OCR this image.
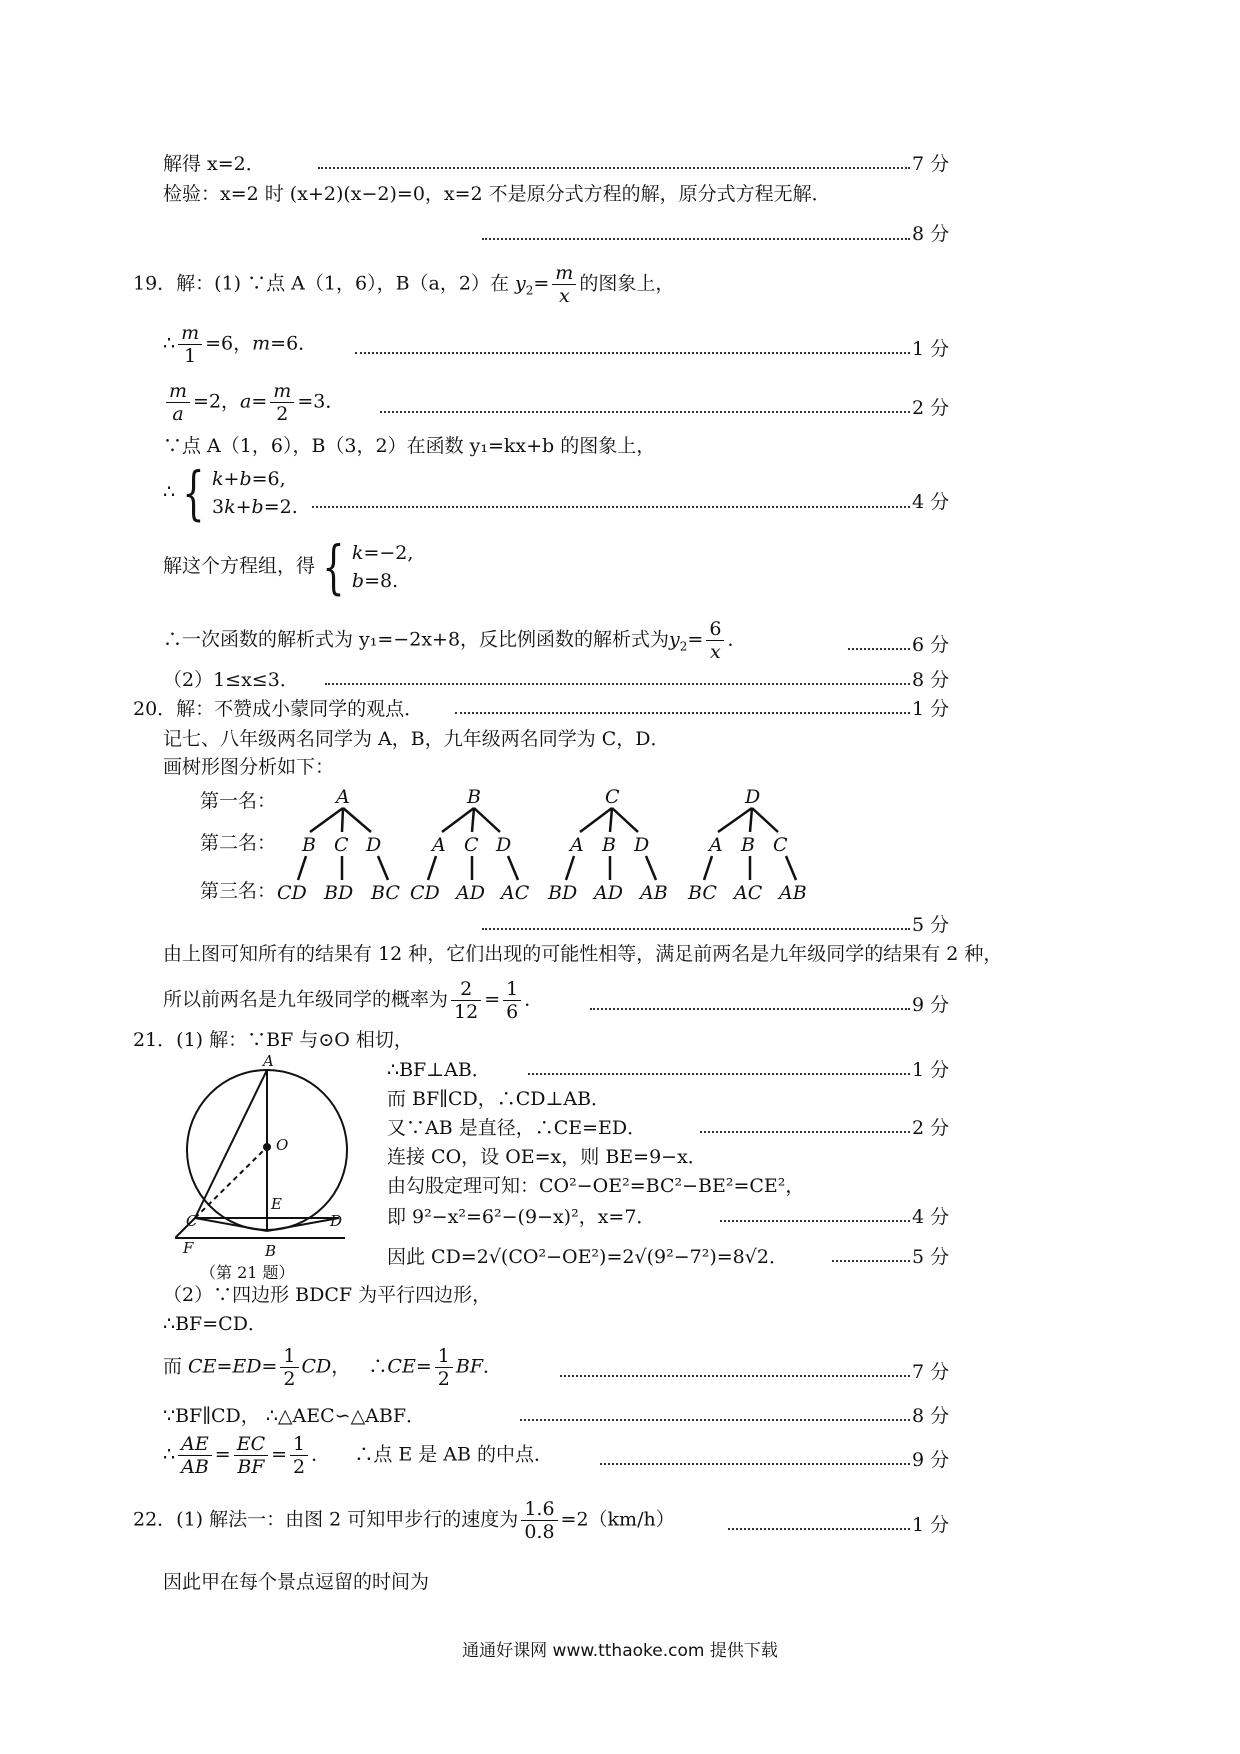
解得 x=2．	7 分
检验：x=2 时 (x+2)(x−2)=0，x=2 不是原分式方程的解，原分式方程无解．
8 分
19．解：(1) ∵点 A（1，6），B（a，2）在 $y_2= \frac{m}{x}$ 的图象上，
∴ $\frac{m}{1} =6$，m=6．	1 分
$\frac{m}{a} =2$，$a= \frac{m}{2} =3$．	2 分
∵点 A（1，6），B（3，2）在函数 y₁=kx+b 的图象上，
∴ { k+b=6,
3k+b=2.	4 分
解这个方程组，得 { k=−2,
b=8.
∴一次函数的解析式为 y₁=−2x+8，反比例函数的解析式为$y_2= \frac{6}{x}$ ．	6 分
（2）1≤x≤3．	8 分
20．解：不赞成小蒙同学的观点．	1 分
记七、八年级两名同学为 A，B，九年级两名同学为 C，D．
画树形图分析如下：
第一名：
第二名：
第三名：
A	B	C	D
B C D	A C D	A B D	A B C
CD BD BC CD AD AC BD AD AB BC AC AB
5 分
由上图可知所有的结果有 12 种，它们出现的可能性相等，满足前两名是九年级同学的结果有 2 种，
所以前两名是九年级同学的概率为 $\frac{2}{12} = \frac{1}{6}$ ．	9 分
21．(1) 解：∵BF 与⊙O 相切，
A
O
C
E
D
F	B
（第 21 题）
∴BF⊥AB．	1 分
而 BF∥CD，∴CD⊥AB．
又∵AB 是直径，∴CE=ED．	2 分
连接 CO，设 OE=x，则 BE=9−x．
由勾股定理可知：CO²−OE²=BC²−BE²=CE²，
即 9²−x²=6²−(9−x)²，x=7．	4 分
因此 CD=2√(CO²−OE²)=2√(9²−7²)=8√2．	5 分
（2）∵四边形 BDCF 为平行四边形，
∴BF=CD．
而 $CE=ED= \frac{1}{2}$ CD，   ∴CE= $\frac{1}{2}$ BF．	7 分
∵BF∥CD， ∴△AEC∽△ABF．	8 分
∴ $\frac{AE}{AB} = \frac{EC}{BF} = \frac{1}{2}$ ．    ∴点 E 是 AB 的中点．	9 分
22．(1) 解法一：由图 2 可知甲步行的速度为 $\frac{1.6}{0.8} =2(km/h)$	1 分
因此甲在每个景点逗留的时间为
通通好课网 www.tthaoke.com 提供下载
